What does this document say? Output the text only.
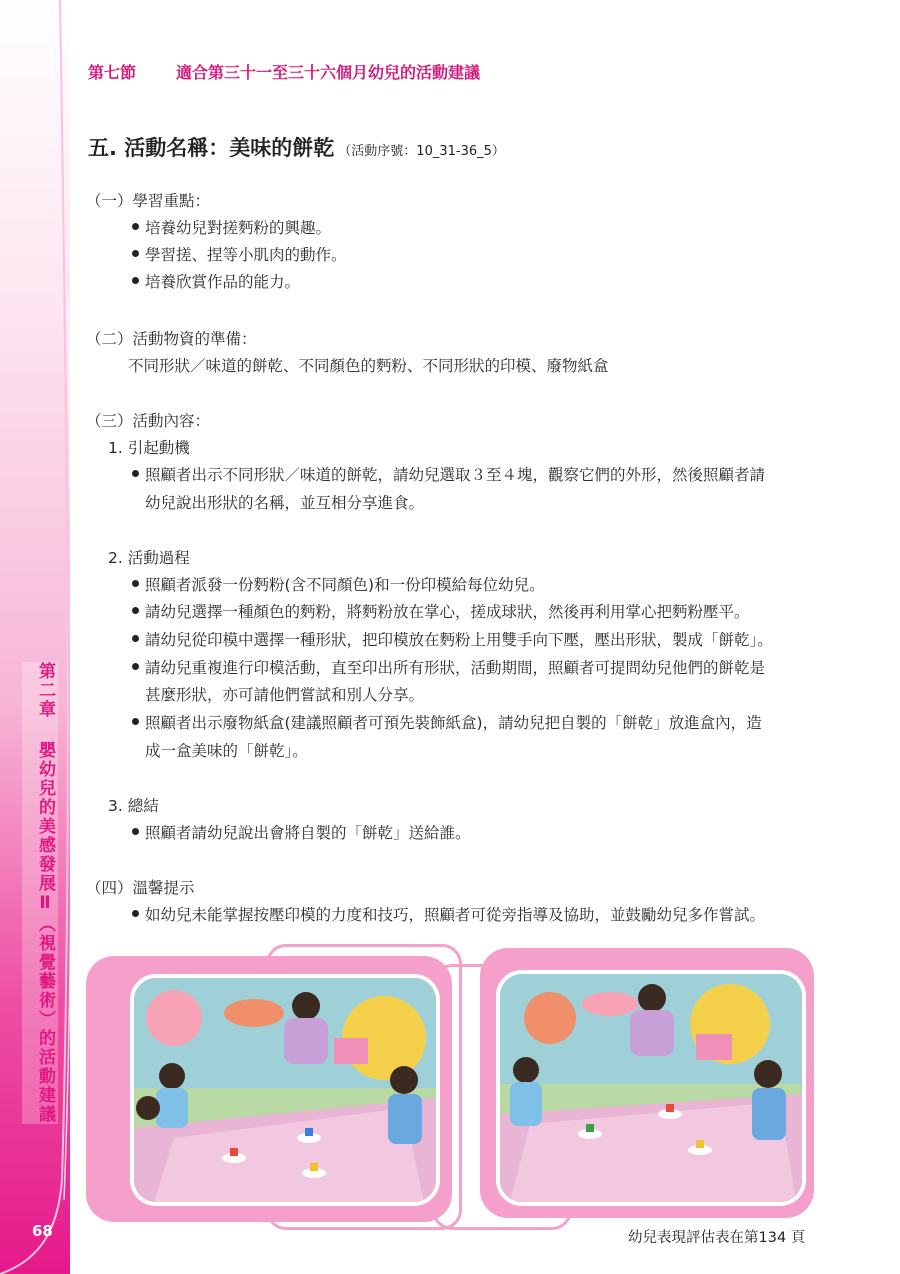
第二章 嬰幼兒的美感發展Ⅱ（視覺藝術）的活動建議
68
第七節	適合第三十一至三十六個月幼兒的活動建議
五. 活動名稱：美味的餅乾 （活動序號：10_31-36_5）
（一）學習重點：
培養幼兒對搓麪粉的興趣。
學習搓、捏等小肌肉的動作。
培養欣賞作品的能力。
（二）活動物資的準備：
不同形狀／味道的餅乾、不同顏色的麪粉、不同形狀的印模、廢物紙盒
（三）活動內容：
1. 引起動機
照顧者出示不同形狀／味道的餅乾，請幼兒選取３至４塊，觀察它們的外形，然後照顧者請
幼兒說出形狀的名稱，並互相分享進食。
2. 活動過程
照顧者派發一份麪粉(含不同顏色)和一份印模給每位幼兒。
請幼兒選擇一種顏色的麪粉，將麪粉放在掌心，搓成球狀，然後再利用掌心把麪粉壓平。
請幼兒從印模中選擇一種形狀，把印模放在麪粉上用雙手向下壓，壓出形狀，製成「餅乾」。
請幼兒重複進行印模活動，直至印出所有形狀，活動期間，照顧者可提問幼兒他們的餅乾是
甚麼形狀，亦可請他們嘗試和別人分享。
照顧者出示廢物紙盒(建議照顧者可預先裝飾紙盒)，請幼兒把自製的「餅乾」放進盒內，造
成一盒美味的「餅乾」。
3. 總結
照顧者請幼兒說出會將自製的「餅乾」送給誰。
（四）溫馨提示
如幼兒未能掌握按壓印模的力度和技巧，照顧者可從旁指導及協助，並鼓勵幼兒多作嘗試。
幼兒表現評估表在第134 頁
